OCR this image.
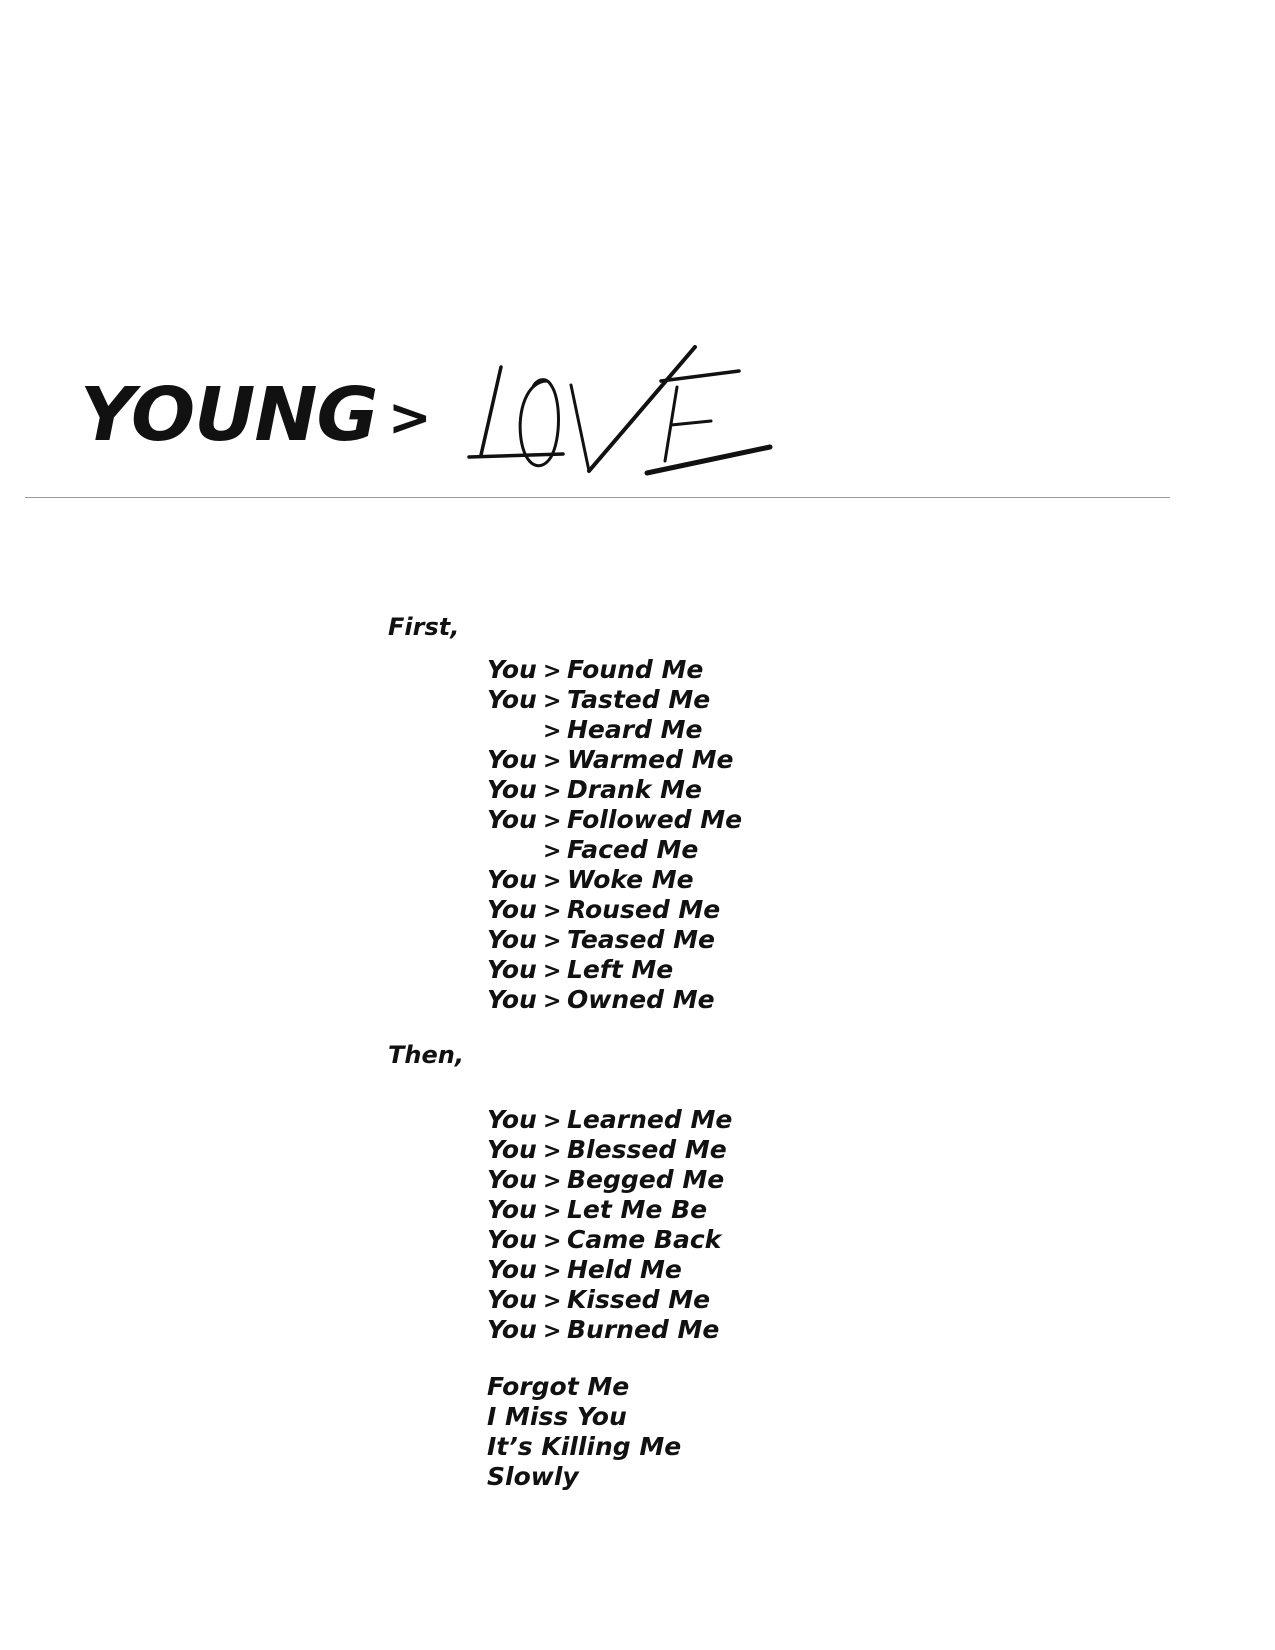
YOUNG >
First,
You > Found Me
You > Tasted Me
> Heard Me
You > Warmed Me
You > Drank Me
You > Followed Me
> Faced Me
You > Woke Me
You > Roused Me
You > Teased Me
You > Left Me
You > Owned Me
Then,
You > Learned Me
You > Blessed Me
You > Begged Me
You > Let Me Be
You > Came Back
You > Held Me
You > Kissed Me
You > Burned Me
Forgot Me
I Miss You
It’s Killing Me
Slowly
